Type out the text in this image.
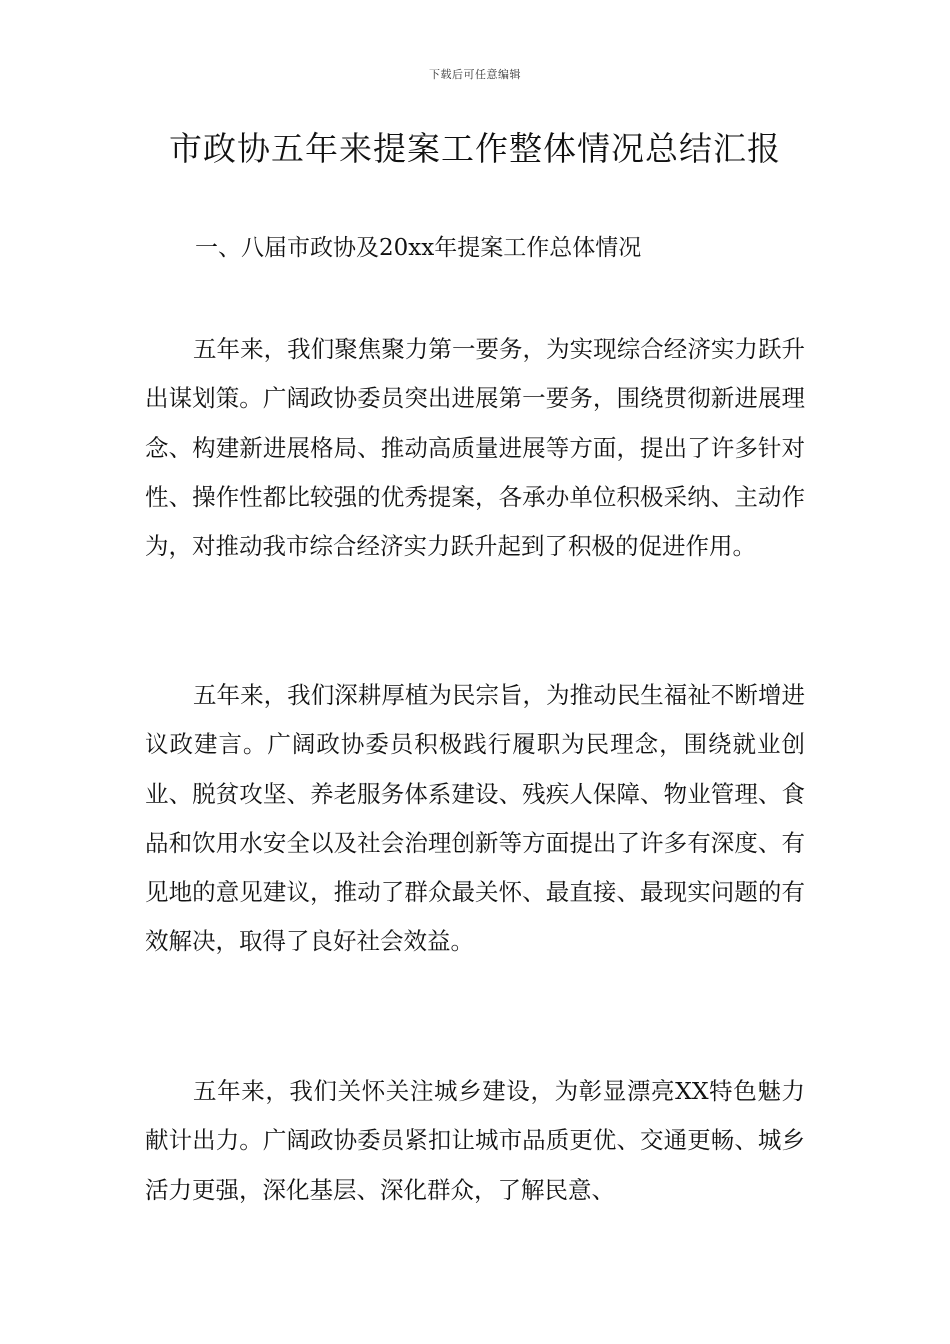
下载后可任意编辑
市政协五年来提案工作整体情况总结汇报
一、八届市政协及20xx年提案工作总体情况

五年来，我们聚焦聚力第一要务，为实现综合经济实力跃升出谋划策。广阔政协委员突出进展第一要务，围绕贯彻新进展理念、构建新进展格局、推动高质量进展等方面，提出了许多针对性、操作性都比较强的优秀提案，各承办单位积极采纳、主动作为，对推动我市综合经济实力跃升起到了积极的促进作用。

五年来，我们深耕厚植为民宗旨，为推动民生福祉不断增进议政建言。广阔政协委员积极践行履职为民理念，围绕就业创业、脱贫攻坚、养老服务体系建设、残疾人保障、物业管理、食品和饮用水安全以及社会治理创新等方面提出了许多有深度、有见地的意见建议，推动了群众最关怀、最直接、最现实问题的有效解决，取得了良好社会效益。

五年来，我们关怀关注城乡建设，为彰显漂亮XX特色魅力献计出力。广阔政协委员紧扣让城市品质更优、交通更畅、城乡活力更强，深化基层、深化群众，了解民意、
